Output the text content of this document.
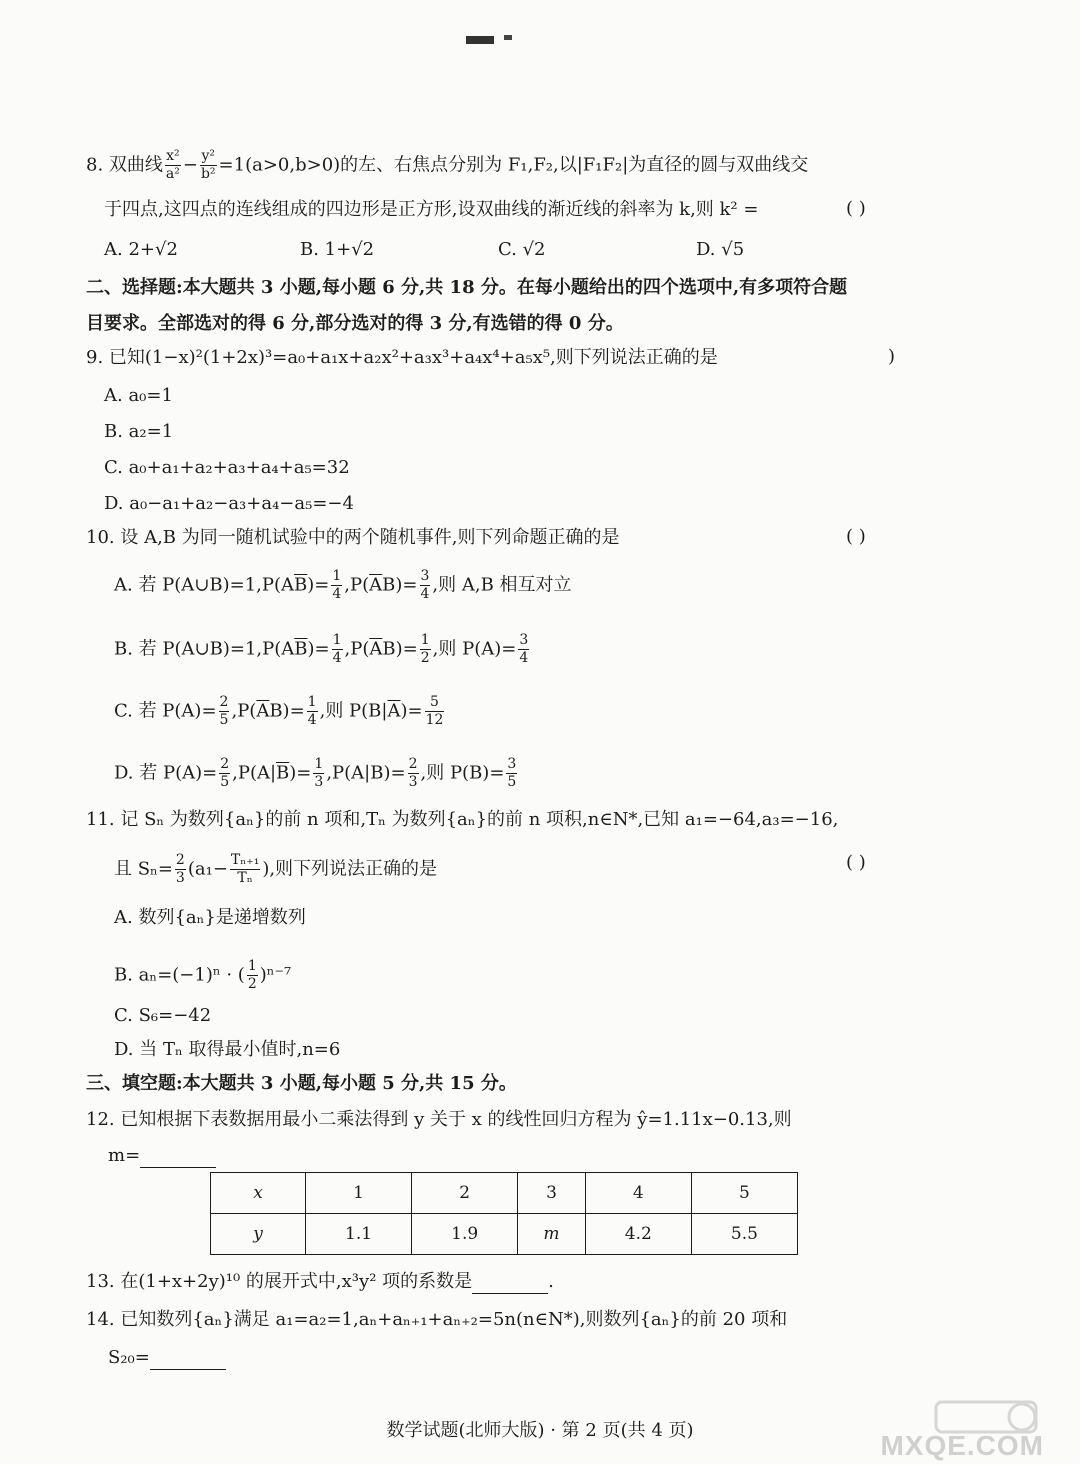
8. 双曲线 $\frac{\text{x²}}{\text{a²}} - \frac{\text{y²}}{\text{b²}} =1(a>0,b>0)$的左、右焦点分别为 F₁,F₂,以|F₁F₂|为直径的圆与双曲线交
于四点,这四点的连线组成的四边形是正方形,设双曲线的渐近线的斜率为 k,则 k² =	( )
A. 2+√2	B. 1+√2	C. √2	D. √5
二、选择题:本大题共 3 小题,每小题 6 分,共 18 分。在每小题给出的四个选项中,有多项符合题
目要求。全部选对的得 6 分,部分选对的得 3 分,有选错的得 0 分。
9. 已知(1−x)²(1+2x)³=a₀+a₁x+a₂x²+a₃x³+a₄x⁴+a₅x⁵,则下列说法正确的是	)
A. a₀=1
B. a₂=1
C. a₀+a₁+a₂+a₃+a₄+a₅=32
D. a₀−a₁+a₂−a₃+a₄−a₅=−4
10. 设 A,B 为同一随机试验中的两个随机事件,则下列命题正确的是	( )
A. 若 $P(A\cup B)=1,P(A\overline{B})= \frac{1}{4} ,P(\overline{A}B)= \frac{3}{4}$ ,则 A,B 相互对立
B. 若 $P(A\cup B)=1,P(A\overline{B})= \frac{1}{4} ,P(\overline{A}B)= \frac{1}{2}$ ,则 $P(A)= \frac{3}{4}$
C. 若 $P(A)= \frac{2}{5} ,P(\overline{A}B)= \frac{1}{4}$ ,则 $P(B|\overline{A})= \frac{5}{12}$
D. 若 $P(A)= \frac{2}{5} ,P(A|\overline{B})= \frac{1}{3} ,P(A|B)= \frac{2}{3}$ ,则 $P(B)= \frac{3}{5}$
11. 记 Sₙ 为数列{aₙ}的前 n 项和,Tₙ 为数列{aₙ}的前 n 项积,n∈N*,已知 a₁=−64,a₃=−16,
且 $S_n= \frac{2}{3} (a_1- \frac{\text{Tₙ₊₁}}{\text{Tₙ}}$ ),则下列说法正确的是	( )
A. 数列{aₙ}是递增数列
B. aₙ=(−1)ⁿ · ( $\frac{1}{2} )^{n-7}$
C. S₆=−42
D. 当 Tₙ 取得最小值时,n=6
三、填空题:本大题共 3 小题,每小题 5 分,共 15 分。
12. 已知根据下表数据用最小二乘法得到 y 关于 x 的线性回归方程为 ŷ=1.11x−0.13,则
m=
x	1	2	3	4	5
y	1.1	1.9	m	4.2	5.5
13. 在(1+x+2y)¹⁰ 的展开式中,x³y² 项的系数是	.
14. 已知数列{aₙ}满足 a₁=a₂=1,aₙ+aₙ₊₁+aₙ₊₂=5n(n∈N*),则数列{aₙ}的前 20 项和
S₂₀=
数学试题(北师大版) · 第 2 页(共 4 页)	MXQE.COM
